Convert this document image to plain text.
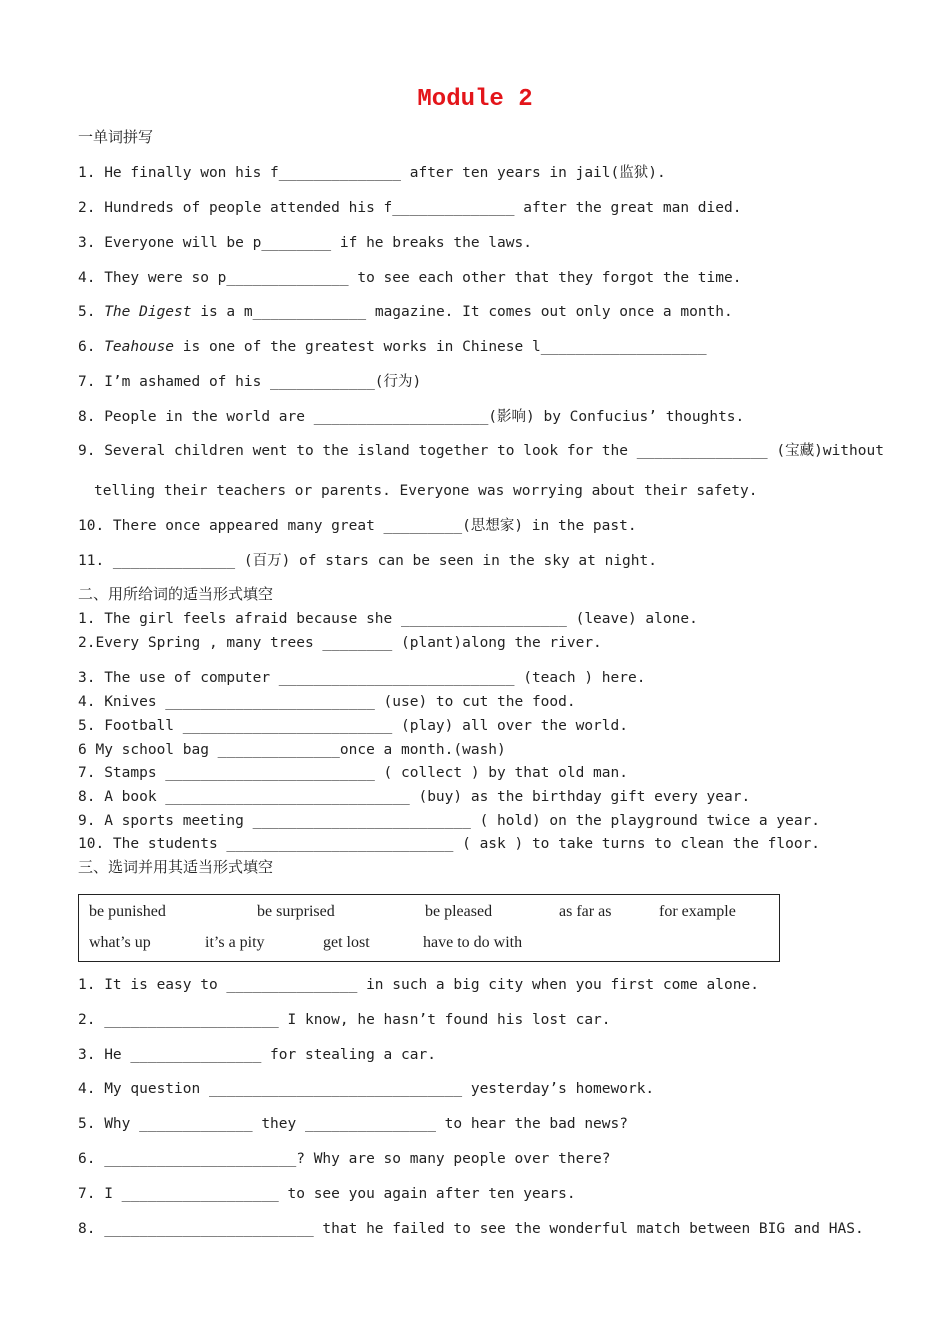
Module 2
一单词拼写
1. He finally won his f______________ after ten years in jail(监狱).
2. Hundreds of people attended his f______________ after the great man died.
3. Everyone will be p________ if he breaks the laws.
4. They were so p______________ to see each other that they forgot the time.
5. The Digest is a m_____________ magazine. It comes out only once a month.
6. Teahouse is one of the greatest works in Chinese l___________________
7. I’m ashamed of his ____________(行为)
8. People in the world are ____________________(影响) by Confucius’ thoughts.
9. Several children went to the island together to look for the _______________ (宝藏)without
telling their teachers or parents. Everyone was worrying about their safety.
10. There once appeared many great _________(思想家) in the past.
11. ______________ (百万) of stars can be seen in the sky at night.
二、用所给词的适当形式填空
1. The girl feels afraid because she ___________________ (leave) alone.
2.Every Spring , many trees ________ (plant)along the river.
3. The use of computer ___________________________ (teach ) here.
4. Knives ________________________ (use) to cut the food.
5. Football ________________________ (play) all over the world.
6 My school bag ______________once a month.(wash)
7. Stamps ________________________ ( collect ) by that old man.
8. A book ____________________________ (buy) as the birthday gift every year.
9. A sports meeting _________________________ ( hold) on the playground twice a year.
10. The students __________________________ ( ask ) to take turns to clean the floor.
三、选词并用其适当形式填空
be punished	be surprised	be pleased	as far as	for example
what’s up	it’s a pity	get lost	have to do with
1. It is easy to _______________ in such a big city when you first come alone.
2. ____________________ I know, he hasn’t found his lost car.
3. He _______________ for stealing a car.
4. My question _____________________________ yesterday’s homework.
5. Why _____________ they _______________ to hear the bad news?
6. ______________________? Why are so many people over there?
7. I __________________ to see you again after ten years.
8. ________________________ that he failed to see the wonderful match between BIG and HAS.
